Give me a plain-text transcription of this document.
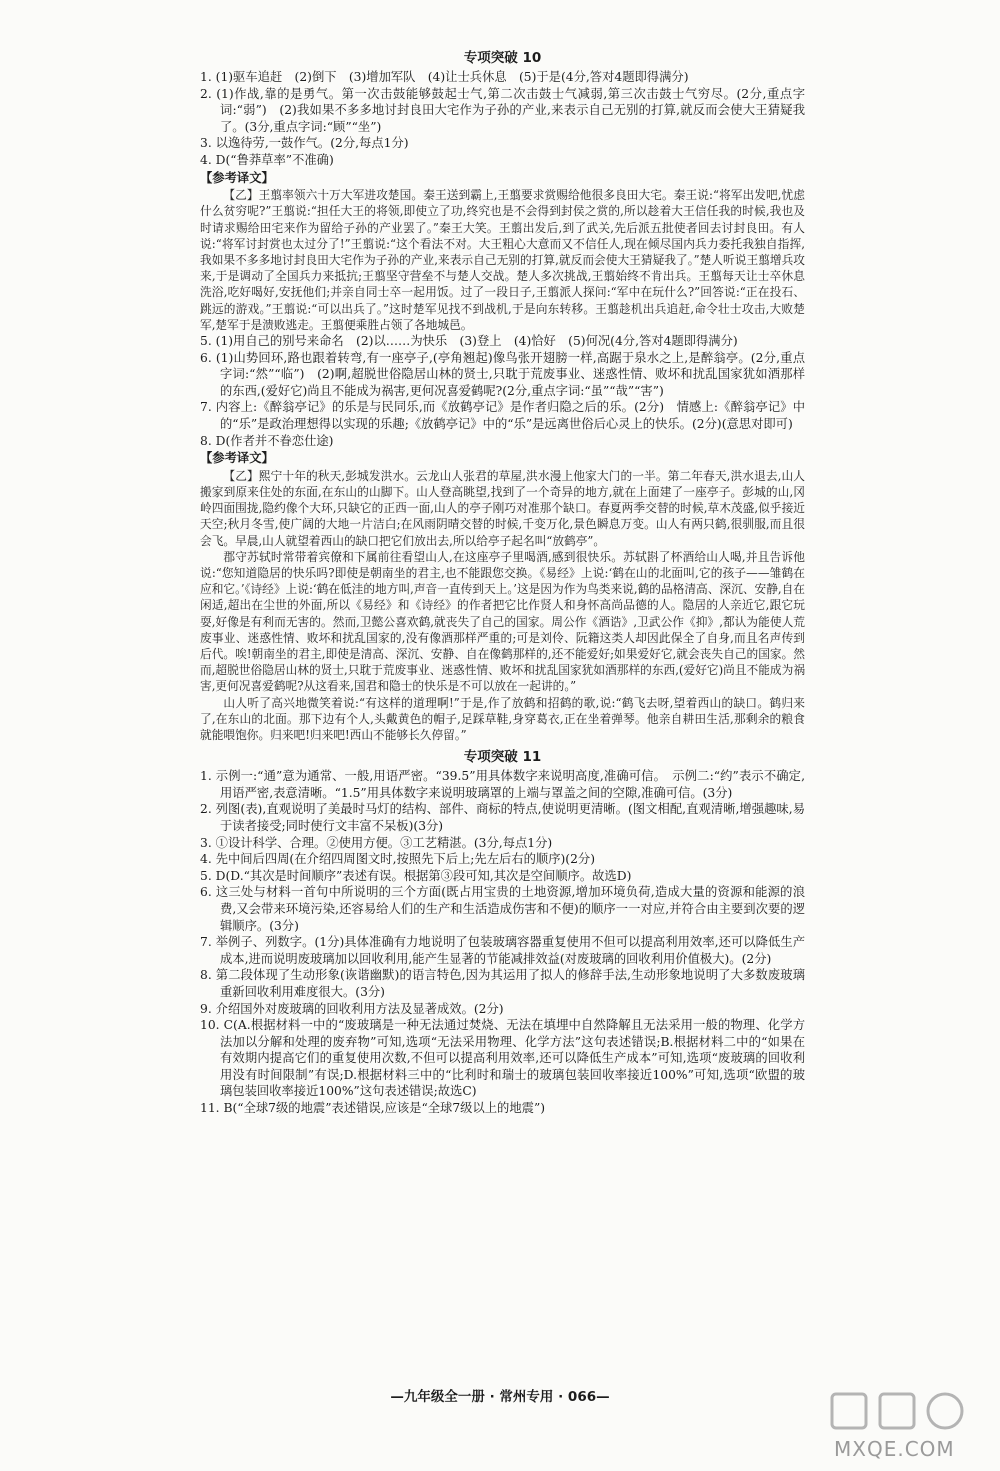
专项突破 10

1. (1)驱车追赶　(2)倒下　(3)增加军队　(4)让士兵休息　(5)于是(4分,答对4题即得满分)

2. (1)作战,靠的是勇气。第一次击鼓能够鼓起士气,第二次击鼓士气减弱,第三次击鼓士气穷尽。(2分,重点字词:“弱”)　(2)我如果不多多地讨封良田大宅作为子孙的产业,来表示自己无别的打算,就反而会使大王猜疑我了。(3分,重点字词:“顾”“坐”)

3. 以逸待劳,一鼓作气。(2分,每点1分)

4. D(“鲁莽草率”不准确)

【参考译文】

【乙】王翦率领六十万大军进攻楚国。秦王送到霸上,王翦要求赏赐给他很多良田大宅。秦王说:“将军出发吧,忧虑什么贫穷呢?”王翦说:“担任大王的将领,即使立了功,终究也是不会得到封侯之赏的,所以趁着大王信任我的时候,我也及时请求赐给田宅来作为留给子孙的产业罢了。”秦王大笑。王翦出发后,到了武关,先后派五批使者回去讨封良田。有人说:“将军讨封赏也太过分了!”王翦说:“这个看法不对。大王粗心大意而又不信任人,现在倾尽国内兵力委托我独自指挥,我如果不多多地讨封良田大宅作为子孙的产业,来表示自己无别的打算,就反而会使大王猜疑我了。”楚人听说王翦增兵攻来,于是调动了全国兵力来抵抗;王翦坚守营垒不与楚人交战。楚人多次挑战,王翦始终不肯出兵。王翦每天让士卒休息洗浴,吃好喝好,安抚他们;并亲自同士卒一起用饭。过了一段日子,王翦派人探问:“军中在玩什么?”回答说:“正在投石、跳远的游戏。”王翦说:“可以出兵了。”这时楚军见找不到战机,于是向东转移。王翦趁机出兵追赶,命令壮士攻击,大败楚军,楚军于是溃败逃走。王翦便乘胜占领了各地城邑。

5. (1)用自己的别号来命名　(2)以……为快乐　(3)登上　(4)恰好　(5)何况(4分,答对4题即得满分)

6. (1)山势回环,路也跟着转弯,有一座亭子,(亭角翘起)像鸟张开翅膀一样,高踞于泉水之上,是醉翁亭。(2分,重点字词:“然”“临”)　(2)啊,超脱世俗隐居山林的贤士,只耽于荒废事业、迷惑性情、败坏和扰乱国家犹如酒那样的东西,(爱好它)尚且不能成为祸害,更何况喜爱鹤呢?(2分,重点字词:“虽”“哉”“害”)

7. 内容上:《醉翁亭记》的乐是与民同乐,而《放鹤亭记》是作者归隐之后的乐。(2分)　情感上:《醉翁亭记》中的“乐”是政治理想得以实现的乐趣;《放鹤亭记》中的“乐”是远离世俗后心灵上的快乐。(2分)(意思对即可)

8. D(作者并不眷恋仕途)

【参考译文】

【乙】熙宁十年的秋天,彭城发洪水。云龙山人张君的草屋,洪水漫上他家大门的一半。第二年春天,洪水退去,山人搬家到原来住处的东面,在东山的山脚下。山人登高眺望,找到了一个奇异的地方,就在上面建了一座亭子。彭城的山,冈岭四面围拢,隐约像个大环,只缺它的正西一面,山人的亭子刚巧对准那个缺口。春夏两季交替的时候,草木茂盛,似乎接近天空;秋月冬雪,使广阔的大地一片洁白;在风雨阴晴交替的时候,千变万化,景色瞬息万变。山人有两只鹤,很驯服,而且很会飞。早晨,山人就望着西山的缺口把它们放出去,所以给亭子起名叫“放鹤亭”。

郡守苏轼时常带着宾僚和下属前往看望山人,在这座亭子里喝酒,感到很快乐。苏轼斟了杯酒给山人喝,并且告诉他说:“您知道隐居的快乐吗?即使是朝南坐的君主,也不能跟您交换。《易经》上说:‘鹤在山的北面叫,它的孩子——雏鹤在应和它。’《诗经》上说:‘鹤在低洼的地方叫,声音一直传到天上。’这是因为作为鸟类来说,鹤的品格清高、深沉、安静,自在闲适,超出在尘世的外面,所以《易经》和《诗经》的作者把它比作贤人和身怀高尚品德的人。隐居的人亲近它,跟它玩耍,好像是有利而无害的。然而,卫懿公喜欢鹤,就丧失了自己的国家。周公作《酒诰》,卫武公作《抑》,都认为能使人荒废事业、迷惑性情、败坏和扰乱国家的,没有像酒那样严重的;可是刘伶、阮籍这类人却因此保全了自身,而且名声传到后代。唉!朝南坐的君主,即使是清高、深沉、安静、自在像鹤那样的,还不能爱好;如果爱好它,就会丧失自己的国家。然而,超脱世俗隐居山林的贤士,只耽于荒废事业、迷惑性情、败坏和扰乱国家犹如酒那样的东西,(爱好它)尚且不能成为祸害,更何况喜爱鹤呢?从这看来,国君和隐士的快乐是不可以放在一起讲的。”

山人听了高兴地微笑着说:“有这样的道理啊!”于是,作了放鹤和招鹤的歌,说:“鹤飞去呀,望着西山的缺口。鹤归来了,在东山的北面。那下边有个人,头戴黄色的帽子,足踩草鞋,身穿葛衣,正在坐着弹琴。他亲自耕田生活,那剩余的粮食就能喂饱你。归来吧!归来吧!西山不能够长久停留。”

专项突破 11

1. 示例一:“通”意为通常、一般,用语严密。“39.5”用具体数字来说明高度,准确可信。　示例二:“约”表示不确定,用语严密,表意清晰。“1.5”用具体数字来说明玻璃罩的上端与罩盖之间的空隙,准确可信。(3分)

2. 列图(表),直观说明了美最时马灯的结构、部件、商标的特点,使说明更清晰。(图文相配,直观清晰,增强趣味,易于读者接受;同时使行文丰富不呆板)(3分)

3. ①设计科学、合理。②使用方便。③工艺精湛。(3分,每点1分)

4. 先中间后四周(在介绍四周图文时,按照先下后上;先左后右的顺序)(2分)

5. D(D.“其次是时间顺序”表述有误。根据第③段可知,其次是空间顺序。故选D)

6. 这三处与材料一首句中所说明的三个方面(既占用宝贵的土地资源,增加环境负荷,造成大量的资源和能源的浪费,又会带来环境污染,还容易给人们的生产和生活造成伤害和不便)的顺序一一对应,并符合由主要到次要的逻辑顺序。(3分)

7. 举例子、列数字。(1分)具体准确有力地说明了包装玻璃容器重复使用不但可以提高利用效率,还可以降低生产成本,进而说明废玻璃加以回收利用,能产生显著的节能减排效益(对废玻璃的回收利用价值极大)。(2分)

8. 第二段体现了生动形象(诙谐幽默)的语言特色,因为其运用了拟人的修辞手法,生动形象地说明了大多数废玻璃重新回收利用难度很大。(3分)

9. 介绍国外对废玻璃的回收利用方法及显著成效。(2分)

10. C(A.根据材料一中的“废玻璃是一种无法通过焚烧、无法在填埋中自然降解且无法采用一般的物理、化学方法加以分解和处理的废弃物”可知,选项“无法采用物理、化学方法”这句表述错误;B.根据材料二中的“如果在有效期内提高它们的重复使用次数,不但可以提高利用效率,还可以降低生产成本”可知,选项“废玻璃的回收利用没有时间限制”有误;D.根据材料三中的“比利时和瑞士的玻璃包装回收率接近100%”可知,选项“欧盟的玻璃包装回收率接近100%”这句表述错误;故选C)

11. B(“全球7级的地震”表述错误,应该是“全球7级以上的地震”)

—九年级全一册 · 常州专用 · 066—
MXQE.COM
